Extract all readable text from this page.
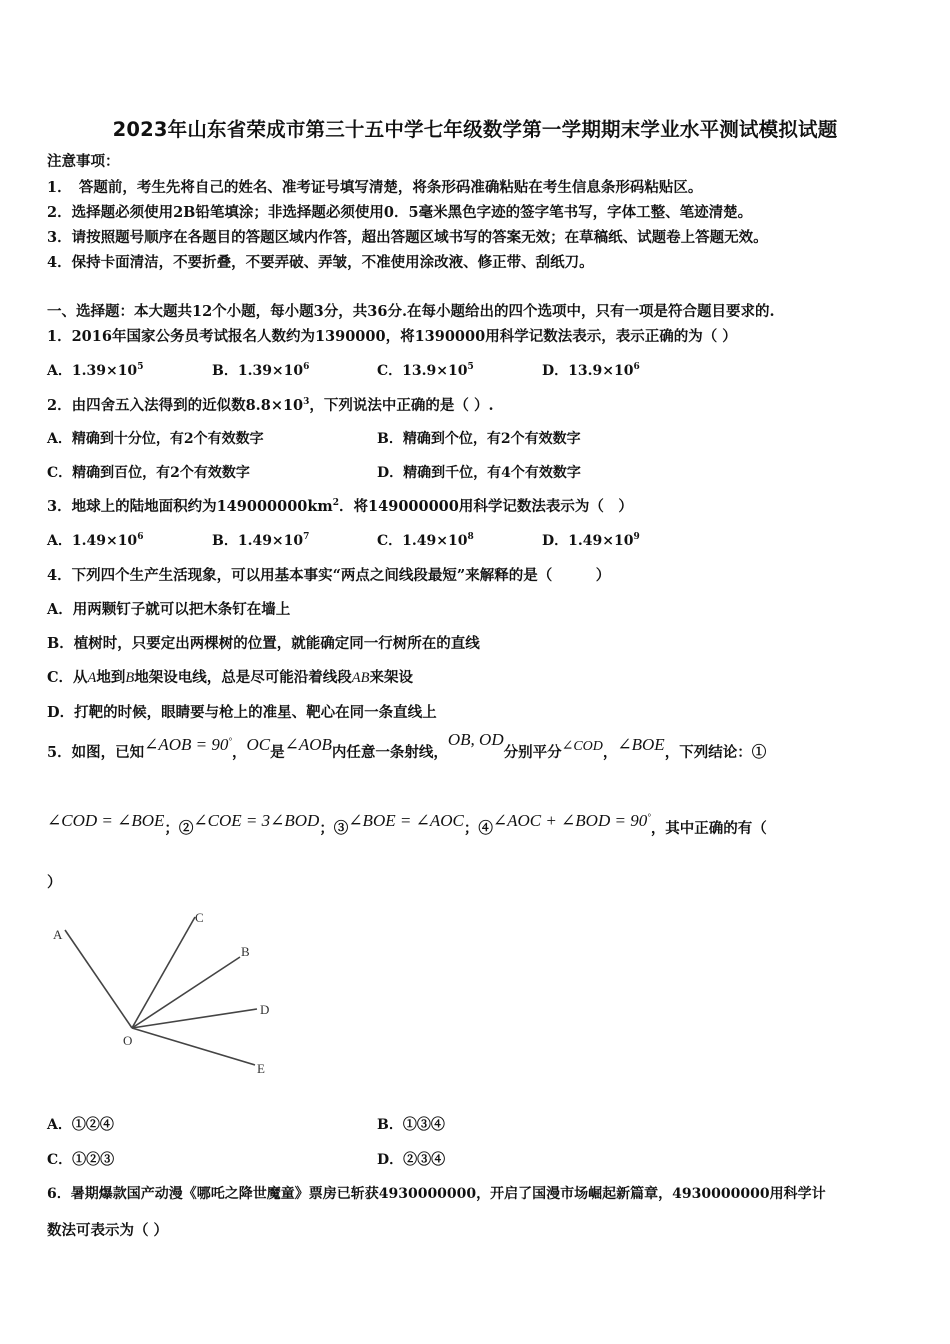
2023年山东省荣成市第三十五中学七年级数学第一学期期末学业水平测试模拟试题
注意事项：
1．　答题前，考生先将自己的姓名、准考证号填写清楚，将条形码准确粘贴在考生信息条形码粘贴区。
2．选择题必须使用2B铅笔填涂；非选择题必须使用0．5毫米黑色字迹的签字笔书写，字体工整、笔迹清楚。
3．请按照题号顺序在各题目的答题区域内作答，超出答题区域书写的答案无效；在草稿纸、试题卷上答题无效。
4．保持卡面清洁，不要折叠，不要弄破、弄皱，不准使用涂改液、修正带、刮纸刀。
一、选择题：本大题共12个小题，每小题3分，共36分.在每小题给出的四个选项中，只有一项是符合题目要求的.
1．2016年国家公务员考试报名人数约为1390000，将1390000用科学记数法表示，表示正确的为（ ）
A．$1.39\times 10^5$	B．$1.39\times 10^6$	C．$13.9\times 10^5$	D．$13.9\times 10^6$
2．由四舍五入法得到的近似数$8.8\times 10^3$，下列说法中正确的是（ ）.
A．精确到十分位，有2个有效数字	B．精确到个位，有2个有效数字
C．精确到百位，有2个有效数字	D．精确到千位，有4个有效数字
3．地球上的陆地面积约为$149000000km^2$．将149000000用科学记数法表示为（　）
A．$1.49\times 10^6$	B．$1.49\times 10^7$	C．$1.49\times 10^8$	D．$1.49\times 10^9$
4．下列四个生产生活现象，可以用基本事实“两点之间线段最短”来解释的是（　　　）
A．用两颗钉子就可以把木条钉在墙上
B．植树时，只要定出两棵树的位置，就能确定同一行树所在的直线
C．从A地到B地架设电线，总是尽可能沿着线段AB来架设
D．打靶的时候，眼睛要与枪上的准星、靶心在同一条直线上
5．如图，已知∠AOB = 90°，OC是∠AOB内任意一条射线，OB, OD分别平分∠COD，∠BOE，下列结论：①
∠COD = ∠BOE；②∠COE = 3∠BOD；③∠BOE = ∠AOC；④∠AOC + ∠BOD = 90°，其中正确的有（
）
A
C
B
D
O
E
A．①②④	B．①③④
C．①②③	D．②③④
6．暑期爆款国产动漫《哪吒之降世魔童》票房已斩获4930000000，开启了国漫市场崛起新篇章，4930000000用科学计
数法可表示为（ ）
